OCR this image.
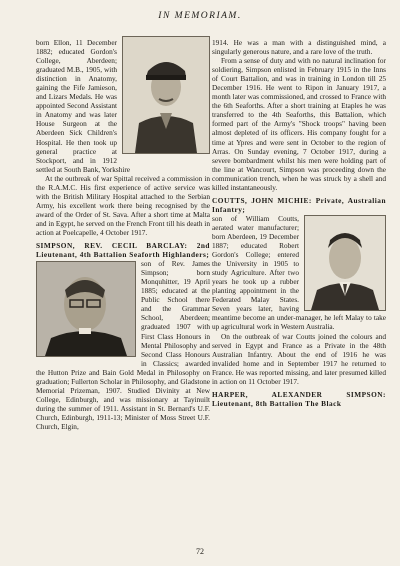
IN MEMORIAM.

born Ellon, 11 December 1882; educated Gordon's College, Aberdeen; graduated M.B., 1905, with distinction in Anatomy, gaining the Fife Jamieson, and Lizars Medals. He was appointed Second Assistant in Anatomy and was later House Surgeon at the Aberdeen Sick Children's Hospital. He then took up general practice at Stockport, and in 1912 settled at South Bank, Yorkshire

At the outbreak of war Spittal received a commission in the R.A.M.C. His first experience of active service was with the British Military Hospital attached to the Serbian Army, his excellent work there being recognised by the award of the Order of St. Sava. After a short time at Malta and in Egypt, he served on the French Front till his death in action at Poelcapelle, 4 October 1917.

SIMPSON, REV. CECIL BARCLAY: 2nd Lieutenant, 4th Battalion Seaforth Highlanders;

son of Rev. James Simpson; born Monquhitter, 19 April 1885; educated at the Public School there and the Grammar School, Aberdeen; graduated 1907 with First Class Honours in Mental Philosophy and Second Class Honours in Classics; awarded the Hutton Prize and Bain Gold Medal in Philosophy on graduation; Fullerton Scholar in Philosophy, and Gladstone Memorial Prizeman, 1907. Studied Divinity at New College, Edinburgh, and was missionary at Tayinuilt during the summer of 1911. Assistant in St. Bernard's U.F. Church, Edinburgh, 1911-13; Minister of Moss Street U.F. Church, Elgin,

1914. He was a man with a distinguished mind, a singularly generous nature, and a rare love of the truth.

From a sense of duty and with no natural inclination for soldiering, Simpson enlisted in February 1915 in the Inns of Court Battalion, and was in training in London till 25 December 1916. He went to Ripon in January 1917, a month later was commissioned, and crossed to France with the 6th Seaforths. After a short training at Etaples he was transferred to the 4th Seaforths, this Battalion, which formed part of the Army's "Shock troops" having been almost depleted of its officers. His company fought for a time at Ypres and were sent in October to the region of Arras. On Sunday evening, 7 October 1917, during a severe bombardment whilst his men were holding part of the line at Wancourt, Simpson was proceeding down the communication trench, when he was struck by a shell and killed instantaneously.

COUTTS, JOHN MICHIE: Private, Australian Infantry;

son of William Coutts, aerated water manufacturer; born Aberdeen, 19 December 1887; educated Robert Gordon's College; entered the University in 1905 to study Agriculture. After two years he took up a rubber planting appointment in the Federated Malay States. Seven years later, having meantime become an under-manager, he left Malay to take up agricultural work in Western Australia.

On the outbreak of war Coutts joined the colours and served in Egypt and France as a Private in the 48th Australian Infantry. About the end of 1916 he was invalided home and in September 1917 he returned to France. He was reported missing, and later presumed killed in action on 11 October 1917.

HARPER, ALEXANDER SIMPSON: Lieutenant, 8th Battalion The Black

72
